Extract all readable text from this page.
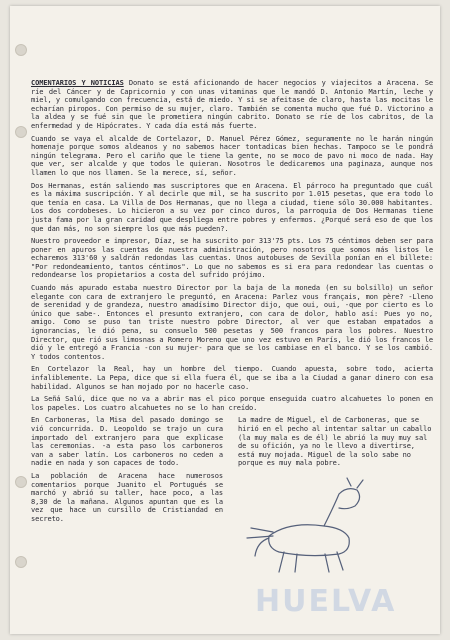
COMENTARIOS Y NOTICIAS Donato se está aficionando de hacer negocios y viajecitos a Aracena. Se ríe del Cáncer y de Capricornio y con unas vitaminas que le mandó D. Antonio Martín, leche y miel, y comulgando con frecuencia, está de miedo. Y si se afeitase de claro, hasta las mocitas le echarían piropos. Con permiso de su mujer, claro. También se comenta mucho que fué D. Victorino a la aldea y se fué sin que le prometiera ningún cabrito. Donato se ríe de los cabritos, de la enfermedad y de Hipócrates. Y cada día está más fuerte.

Cuando se vaya el alcalde de Cortelazor, D. Manuel Pérez Gómez, seguramente no le harán ningún homenaje porque somos aldeanos y no sabemos hacer tontadicas bien hechas. Tampoco se le pondrá ningún telegrama. Pero el cariño que le tiene la gente, no se moco de pavo ni moco de nada. Hay que ver, ser alcalde y que todos le quieran. Nosotros le dedicaremos una paginaza, aunque nos llamen lo que nos llamen. Se la merece, sí, señor.

Dos Hermanas, están saliendo mas suscriptores que en Aracena. El párroco ha preguntado que cuál es la máxima suscripción. Y al decirle que mil, se ha suscrito por 1.015 pesetas, que era todo lo que tenía en casa. La Villa de Dos Hermanas, que no llega a ciudad, tiene sólo 30.000 habitantes. Los dos cordobeses. Lo hicieron a su vez por cinco duros, la parroquia de Dos Hermanas tiene justa fama por la gran caridad que despliega entre pobres y enfermos. ¿Porqué será eso de que los que dan más, no son siempre los que más pueden?.

Nuestro proveedor e impresor, Díaz, se ha suscrito por 313'75 pts. Los 75 céntimos deben ser para poner en apuros las cuentas de nuestra administración, pero nosotros que somos más listos le echaremos 313'60 y saldrán redondas las cuentas. Unos autobuses de Sevilla ponían en el billete: "Por redondeamiento, tantos céntimos". Lo que no sabemos es si era para redondear las cuentas o redondearse los propietarios a costa del sufrido prójimo.

Cuando más apurado estaba nuestro Director por la baja de la moneda (en su bolsillo) un señor elegante con cara de extranjero le preguntó, en Aracena: Parlez vous français, mon père? -Lleno de serenidad y de grandeza, nuestro amadísimo Director dijo, que oui, oui, -que por cierto es lo único que sabe-. Entonces el presunto extranjero, con cara de dolor, hablo así: Pues yo no, amigo. Como se puso tan triste nuestro pobre Director, al ver que estaban empatados a ignorancias, le dió pena, su consuelo 500 pesetas y 500 francos para los pobres. Nuestro Director, que rió sus limosnas a Romero Moreno que uno vez estuvo en París, le dió los francos le dió y le entregó a Francia -con su mujer- para que se los cambiase en el banco. Y se los cambió. Y todos contentos.

En Cortelazor la Real, hay un hombre del tiempo. Cuando apuesta, sobre todo, acierta infaliblemente. La Pepa, dice que si ella fuera él, que se iba a la Ciudad a ganar dinero con esa habilidad. Algunos se han mojado por no hacerle caso.

La Señá Salú, dice que no va a abrir mas el pico porque enseguida cuatro alcahuetes lo ponen en los papeles. Los cuatro alcahuetes no se lo han creído.

En Carboneras, la Misa del pasado domingo se vió concurrida. D. Leopoldo se trajo un cura importado del extranjero para que explicase las ceremonias. -a esta paso los carboneros van a saber latín. Los carboneros no ceden a nadie en nada y son capaces de todo.

La población de Aracena hace numerosos comentarios porque Juanito el Portugués se marchó y abrió su taller, hace poco, a las 8,30 de la mañana. Algunos apuntan que es la vez que hace un cursillo de Cristiandad en secreto.

La madre de Miguel, el de Carboneras, que se hirió en el pecho al intentar saltar un caballo (la muy mala es de él) le abrió la muy muy sal de su ofición, ya no le llevo a divertirse, está muy mojada. Miguel de la solo sabe no porque es muy mala pobre.

HUELVA
